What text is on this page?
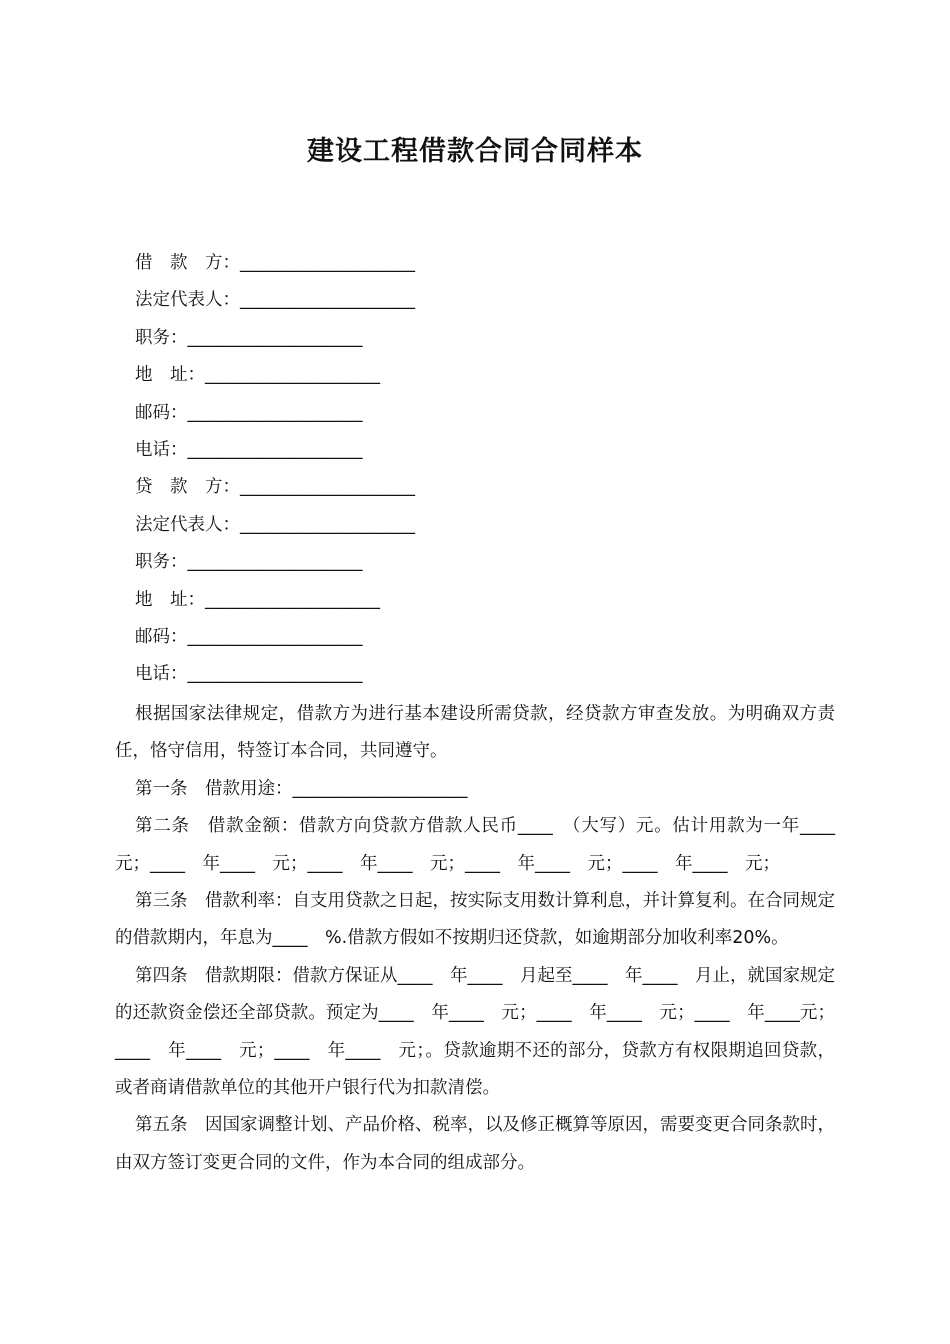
建设工程借款合同合同样本
借　款　方：____________________
法定代表人：____________________
职务：____________________
地　址：____________________
邮码：____________________
电话：____________________
贷　款　方：____________________
法定代表人：____________________
职务：____________________
地　址：____________________
邮码：____________________
电话：____________________

根据国家法律规定，借款方为进行基本建设所需贷款，经贷款方审查发放。为明确双方责任，恪守信用，特签订本合同，共同遵守。

第一条　借款用途：____________________

第二条　借款金额：借款方向贷款方借款人民币____　（大写）元。估计用款为一年____　元；____　年____　元；____　年____　元；____　年____　元；____　年____　元；

第三条　借款利率：自支用贷款之日起，按实际支用数计算利息，并计算复利。在合同规定的借款期内，年息为____　%.借款方假如不按期归还贷款，如逾期部分加收利率20%。

第四条　借款期限：借款方保证从____　年____　月起至____　年____　月止，就国家规定的还款资金偿还全部贷款。预定为____　年____　元；____　年____　元；____　年____元；____　年____　元；____　年____　元；。贷款逾期不还的部分，贷款方有权限期追回贷款，或者商请借款单位的其他开户银行代为扣款清偿。

第五条　因国家调整计划、产品价格、税率，以及修正概算等原因，需要变更合同条款时，由双方签订变更合同的文件，作为本合同的组成部分。
